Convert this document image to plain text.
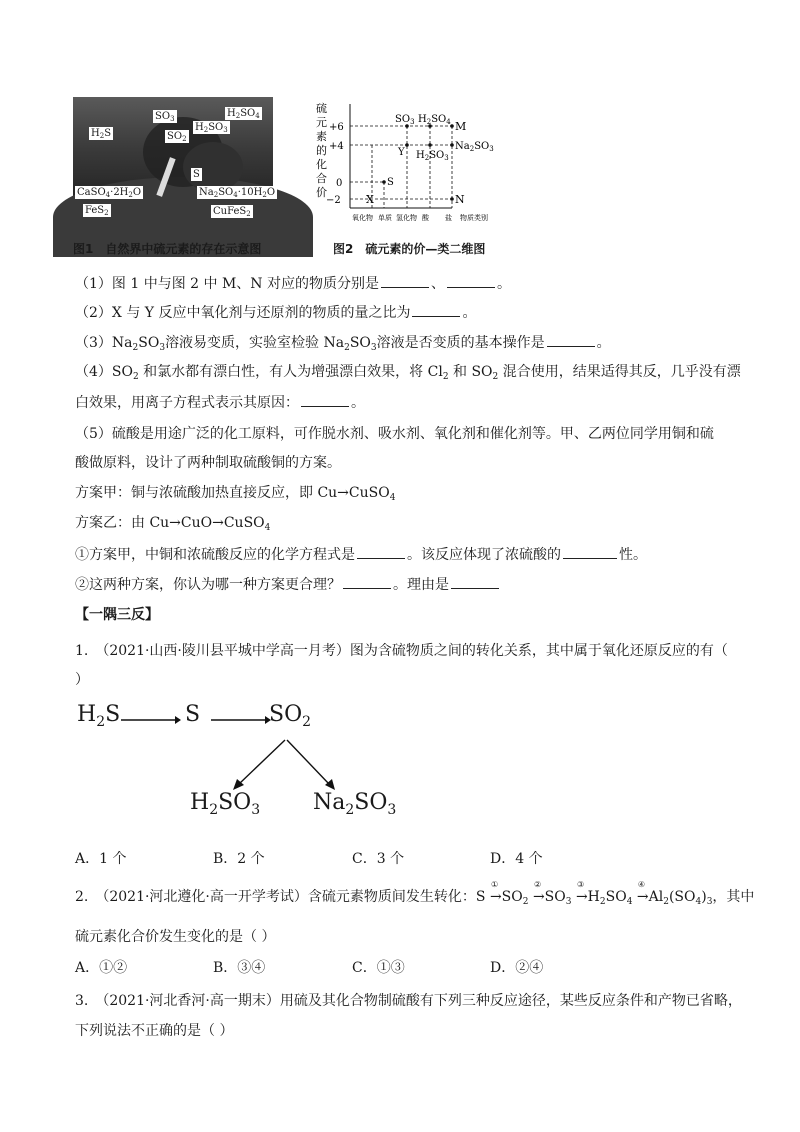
$SO_3$	$H_2SO_4$
$H_2S$
$H_2SO_3$
$SO_2$
S
$CaSO_4\cdot 2H_2O$	$Na_2SO_4\cdot 10H_2O$
FeS$_2$	CuFeS$_2$
图1　自然界中硫元素的存在示意图
硫
元
素
的
化
合
价
+6
+4
0
−2
$SO_3$ $H_2SO_4$ M
Y $H_2SO_3$
$Na_2SO_3$
S
X	N
氧化物 单质 氢化物 酸 盐 物质类别
图2　硫元素的价—类二维图
（1）图 1 中与图 2 中 M、N 对应的物质分别是	、	。
（2）X 与 Y 反应中氧化剂与还原剂的物质的量之比为	。
$(3)Na_2SO_3$溶液易变质，实验室检验 $Na_2SO_3$溶液是否变质的基本操作是	。
$(4)SO_2$ 和氯水都有漂白性，有人为增强漂白效果，将 $Cl_2$ 和 $SO_2$ 混合使用，结果适得其反，几乎没有漂
白效果，用离子方程式表示其原因：	。
（5）硫酸是用途广泛的化工原料，可作脱水剂、吸水剂、氧化剂和催化剂等。甲、乙两位同学用铜和硫
酸做原料，设计了两种制取硫酸铜的方案。
方案甲：铜与浓硫酸加热直接反应，即 Cu→CuSO$_4$
方案乙：由 Cu→CuO→CuSO$_4$
①方案甲，中铜和浓硫酸反应的化学方程式是	。该反应体现了浓硫酸的	性。
②这两种方案，你认为哪一种方案更合理？	。理由是
【一隅三反】
1.　（2021·山西·陵川县平城中学高一月考）图为含硫物质之间的转化关系，其中属于氧化还原反应的有（
）
$H_2S$	S	$SO_2$
$H_2SO_3$ $Na_2SO_3$
A．1 个	B．2 个	C．3 个	D．4 个
2.　（2021·河北遵化·高一开学考试）含硫元素物质间发生转化：S
①
$\to SO_2$
②
$\to SO_3$
③
$\to H_2SO_4$
④
$\to Al_2(SO_4)_3$，其中
硫元素化合价发生变化的是（ ）
A．①②	B．③④	C．①③	D．②④
3.　（2021·河北香河·高一期末）用硫及其化合物制硫酸有下列三种反应途径，某些反应条件和产物已省略，
下列说法不正确的是（ ）
